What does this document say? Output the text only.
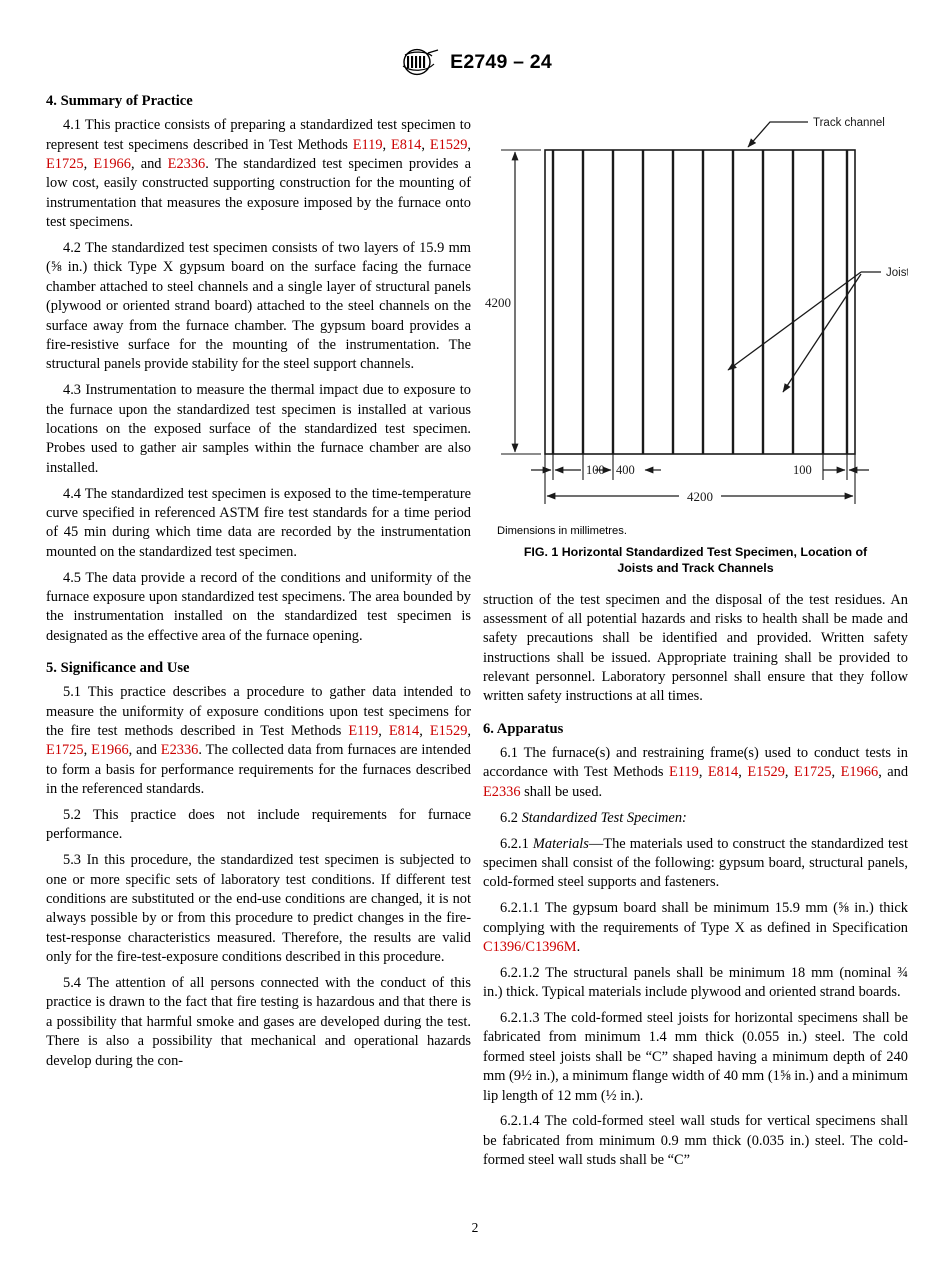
E2749 – 24
4. Summary of Practice

4.1 This practice consists of preparing a standardized test specimen to represent test specimens described in Test Methods E119, E814, E1529, E1725, E1966, and E2336. The standardized test specimen provides a low cost, easily constructed supporting construction for the mounting of instrumentation that measures the exposure imposed by the furnace onto test specimens.

4.2 The standardized test specimen consists of two layers of 15.9 mm (⅝ in.) thick Type X gypsum board on the surface facing the furnace chamber attached to steel channels and a single layer of structural panels (plywood or oriented strand board) attached to the steel channels on the surface away from the furnace chamber. The gypsum board provides a fire-resistive surface for the mounting of the instrumentation. The structural panels provide stability for the steel support channels.

4.3 Instrumentation to measure the thermal impact due to exposure to the furnace upon the standardized test specimen is installed at various locations on the exposed surface of the standardized test specimen. Probes used to gather air samples within the furnace chamber are also installed.

4.4 The standardized test specimen is exposed to the time-temperature curve specified in referenced ASTM fire test standards for a time period of 45 min during which time data are recorded by the instrumentation mounted on the standardized test specimen.

4.5 The data provide a record of the conditions and uniformity of the furnace exposure upon standardized test specimens. The area bounded by the instrumentation installed on the standardized test specimen is designated as the effective area of the furnace opening.

5. Significance and Use

5.1 This practice describes a procedure to gather data intended to measure the uniformity of exposure conditions upon test specimens for the fire test methods described in Test Methods E119, E814, E1529, E1725, E1966, and E2336. The collected data from furnaces are intended to form a basis for performance requirements for the furnaces described in the referenced standards.

5.2 This practice does not include requirements for furnace performance.

5.3 In this procedure, the standardized test specimen is subjected to one or more specific sets of laboratory test conditions. If different test conditions are substituted or the end-use conditions are changed, it is not always possible by or from this procedure to predict changes in the fire-test-response characteristics measured. Therefore, the results are valid only for the fire-test-exposure conditions described in this procedure.

5.4 The attention of all persons connected with the conduct of this practice is drawn to the fact that fire testing is hazardous and that there is a possibility that harmful smoke and gases are developed during the test. There is also a possibility that mechanical and operational hazards develop during the con-

Track channel
Joist
4200
100 400	100
4200
Dimensions in millimetres.
FIG. 1 Horizontal Standardized Test Specimen, Location of
Joists and Track Channels

struction of the test specimen and the disposal of the test residues. An assessment of all potential hazards and risks to health shall be made and safety precautions shall be identified and provided. Written safety instructions shall be issued. Appropriate training shall be provided to relevant personnel. Laboratory personnel shall ensure that they follow written safety instructions at all times.

6. Apparatus

6.1 The furnace(s) and restraining frame(s) used to conduct tests in accordance with Test Methods E119, E814, E1529, E1725, E1966, and E2336 shall be used.

6.2 Standardized Test Specimen:

6.2.1 Materials—The materials used to construct the standardized test specimen shall consist of the following: gypsum board, structural panels, cold-formed steel supports and fasteners.

6.2.1.1 The gypsum board shall be minimum 15.9 mm (⅝ in.) thick complying with the requirements of Type X as defined in Specification C1396/C1396M.

6.2.1.2 The structural panels shall be minimum 18 mm (nominal ¾ in.) thick. Typical materials include plywood and oriented strand boards.

6.2.1.3 The cold-formed steel joists for horizontal specimens shall be fabricated from minimum 1.4 mm thick (0.055 in.) steel. The cold formed steel joists shall be “C” shaped having a minimum depth of 240 mm (9½ in.), a minimum flange width of 40 mm (1⅝ in.) and a minimum lip length of 12 mm (½ in.).

6.2.1.4 The cold-formed steel wall studs for vertical specimens shall be fabricated from minimum 0.9 mm thick (0.035 in.) steel. The cold-formed steel wall studs shall be “C”

2
